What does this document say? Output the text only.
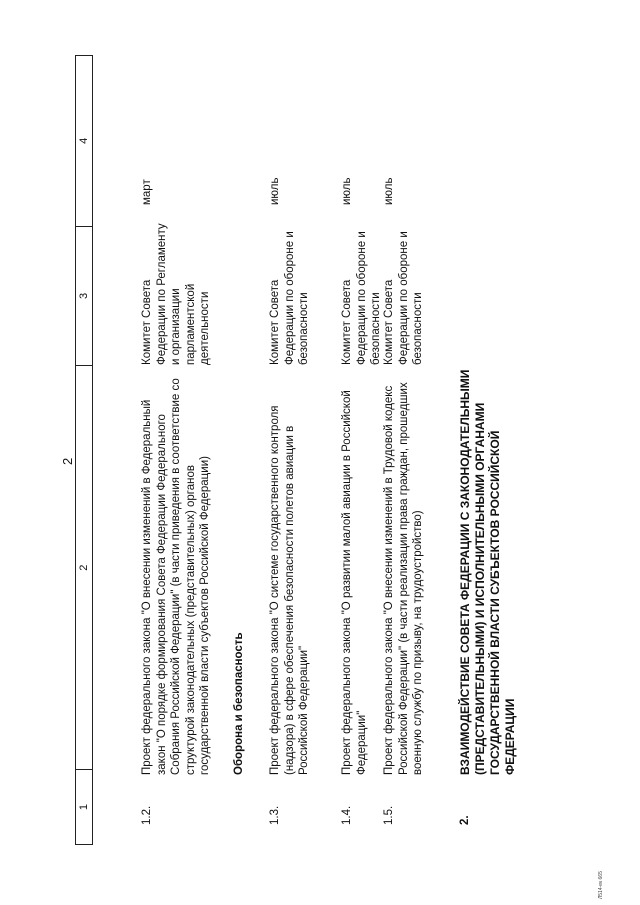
2
1
2
3
4
1.2.
Проект федерального закона "О внесении изменений в Федеральный закон "О порядке формирования Совета Федерации Федерального Собрания Российской Федерации" (в части приведения в соответствие со структурой законодательных (представительных) органов государственной власти субъектов Российской Федерации)
Комитет Совета Федерации по Регламенту и организации парламентской деятельности
март
Оборона и безопасность
1.3.
Проект федерального закона "О системе государственного контроля (надзора) в сфере обеспечения безопасности полетов авиации в Российской Федерации"
Комитет Совета Федерации по обороне и безопасности
июль
1.4.
Проект федерального закона "О развитии малой авиации в Российской Федерации"
Комитет Совета Федерации по обороне и безопасности
июль
1.5.
Проект федерального закона "О внесении изменений в Трудовой кодекс Российской Федерации" (в части реализации права граждан, прошедших военную службу по призыву, на трудоустройство)
Комитет Совета Федерации по обороне и безопасности
июль
2.
ВЗАИМОДЕЙСТВИЕ СОВЕТА ФЕДЕРАЦИИ С ЗАКОНОДАТЕЛЬНЫМИ (ПРЕДСТАВИТЕЛЬНЫМИ) И ИСПОЛНИТЕЛЬНЫМИ ОРГАНАМИ ГОСУДАРСТВЕННОЙ ВЛАСТИ СУБЪЕКТОВ РОССИЙСКОЙ ФЕДЕРАЦИИ
Л514-вк 665
